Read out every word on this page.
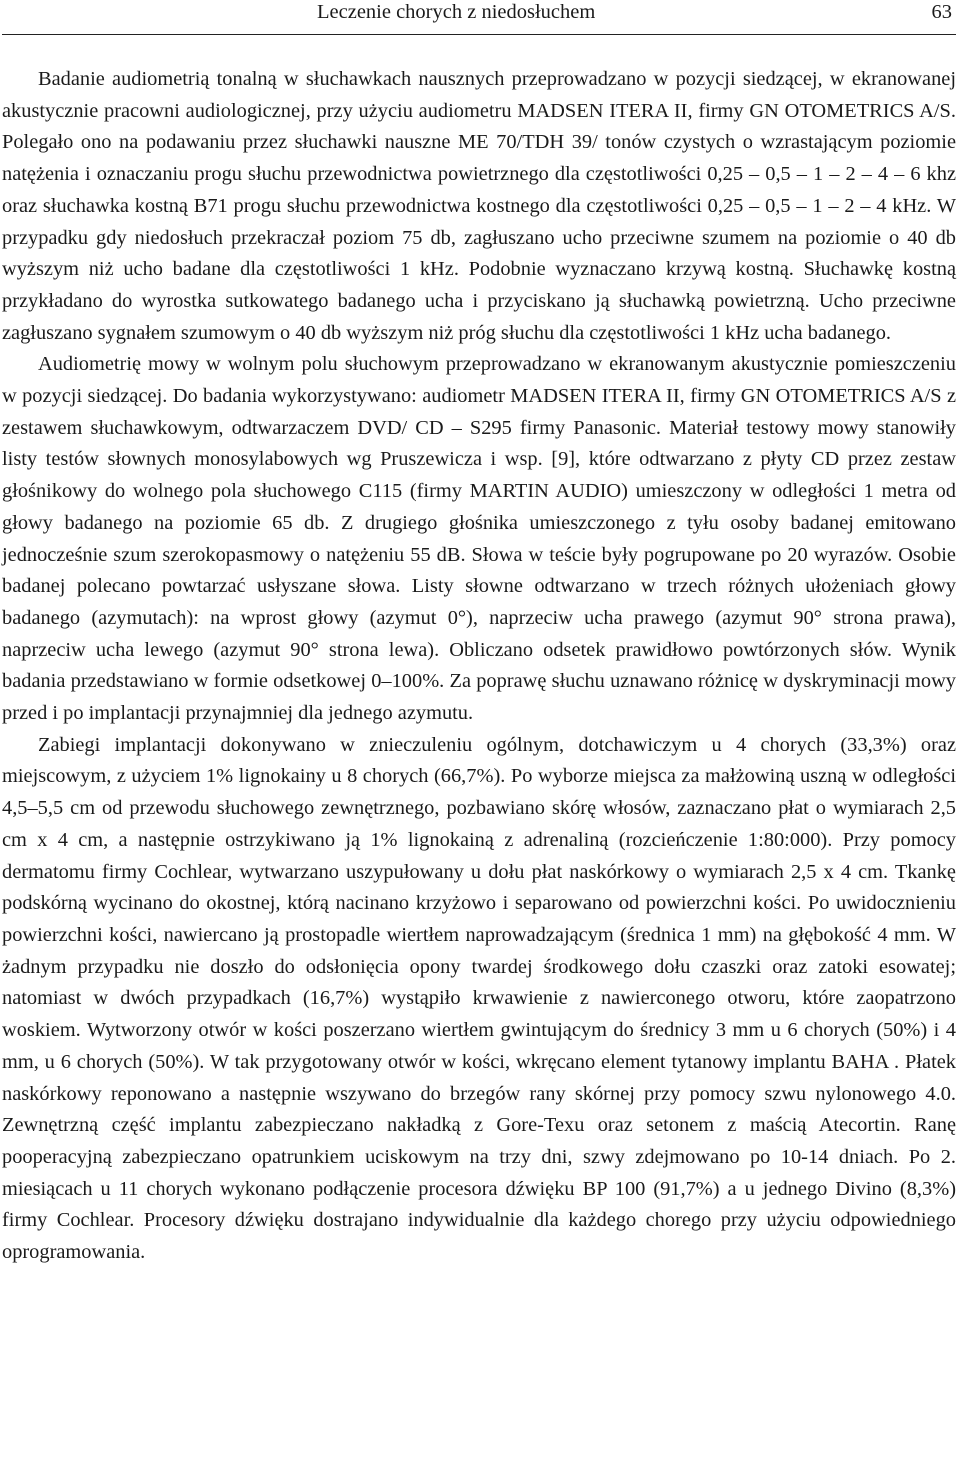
Leczenie chorych z niedosłuchem	63

Badanie audiometrią tonalną w słuchawkach nausznych przeprowadzano w pozycji siedzącej, w ekranowanej akustycznie pracowni audiologicznej, przy użyciu audiometru MADSEN ITERA II, firmy GN OTOMETRICS A/S. Polegało ono na podawaniu przez słuchawki nauszne ME 70/TDH 39/ tonów czystych o wzrastającym poziomie natężenia i oznaczaniu progu słuchu przewodnictwa powietrznego dla częstotliwości 0,25 – 0,5 – 1 – 2 – 4 – 6 khz oraz słuchawka kostną B71 progu słuchu przewodnictwa kostnego dla częstotliwości 0,25 – 0,5 – 1 – 2 – 4 kHz. W przypadku gdy niedosłuch przekraczał poziom 75 db, zagłuszano ucho przeciwne szumem na poziomie o 40 db wyższym niż ucho badane dla częstotliwości 1 kHz. Podobnie wyznaczano krzywą kostną. Słuchawkę kostną przykładano do wyrostka sutkowatego badanego ucha i przyciskano ją słuchawką powietrzną. Ucho przeciwne zagłuszano sygnałem szumowym o 40 db wyższym niż próg słuchu dla częstotliwości 1 kHz ucha badanego.

Audiometrię mowy w wolnym polu słuchowym przeprowadzano w ekranowanym akustycznie pomieszczeniu w pozycji siedzącej. Do badania wykorzystywano: audiometr MADSEN ITERA II, firmy GN OTOMETRICS A/S z zestawem słuchawkowym, odtwarzaczem DVD/ CD – S295 firmy Panasonic. Materiał testowy mowy stanowiły listy testów słownych monosylabowych wg Pruszewicza i wsp. [9], które odtwarzano z płyty CD przez zestaw głośnikowy do wolnego pola słuchowego C115 (firmy MARTIN AUDIO) umieszczony w odległości 1 metra od głowy badanego na poziomie 65 db. Z drugiego głośnika umieszczonego z tyłu osoby badanej emitowano jednocześnie szum szerokopasmowy o natężeniu 55 dB. Słowa w teście były pogrupowane po 20 wyrazów. Osobie badanej polecano powtarzać usłyszane słowa. Listy słowne odtwarzano w trzech różnych ułożeniach głowy badanego (azymutach): na wprost głowy (azymut 0°), naprzeciw ucha prawego (azymut 90° strona prawa), naprzeciw ucha lewego (azymut 90° strona lewa). Obliczano odsetek prawidłowo powtórzonych słów. Wynik badania przedstawiano w formie odsetkowej 0–100%. Za poprawę słuchu uznawano różnicę w dyskryminacji mowy przed i po implantacji przynajmniej dla jednego azymutu.

Zabiegi implantacji dokonywano w znieczuleniu ogólnym, dotchawiczym u 4 chorych (33,3%) oraz miejscowym, z użyciem 1% lignokainy u 8 chorych (66,7%). Po wyborze miejsca za małżowiną uszną w odległości 4,5–5,5 cm od przewodu słuchowego zewnętrznego, pozbawiano skórę włosów, zaznaczano płat o wymiarach 2,5 cm x 4 cm, a następnie ostrzykiwano ją 1% lignokainą z adrenaliną (rozcieńczenie 1:80:000). Przy pomocy dermatomu firmy Cochlear, wytwarzano uszypułowany u dołu płat naskórkowy o wymiarach 2,5 x 4 cm. Tkankę podskórną wycinano do okostnej, którą nacinano krzyżowo i separowano od powierzchni kości. Po uwidocznieniu powierzchni kości, nawiercano ją prostopadle wiertłem naprowadzającym (średnica 1 mm) na głębokość 4 mm. W żadnym przypadku nie doszło do odsłonięcia opony twardej środkowego dołu czaszki oraz zatoki esowatej; natomiast w dwóch przypadkach (16,7%) wystąpiło krwawienie z nawierconego otworu, które zaopatrzono woskiem. Wytworzony otwór w kości poszerzano wiertłem gwintującym do średnicy 3 mm u 6 chorych (50%) i 4 mm, u 6 chorych (50%). W tak przygotowany otwór w kości, wkręcano element tytanowy implantu BAHA . Płatek naskórkowy reponowano a następnie wszywano do brzegów rany skórnej przy pomocy szwu nylonowego 4.0. Zewnętrzną część implantu zabezpieczano nakładką z Gore-Texu oraz setonem z maścią Atecortin. Ranę pooperacyjną zabezpieczano opatrunkiem uciskowym na trzy dni, szwy zdejmowano po 10-14 dniach. Po 2. miesiącach u 11 chorych wykonano podłączenie procesora dźwięku BP 100 (91,7%) a u jednego Divino (8,3%) firmy Cochlear. Procesory dźwięku dostrajano indywidualnie dla każdego chorego przy użyciu odpowiedniego oprogramowania.
